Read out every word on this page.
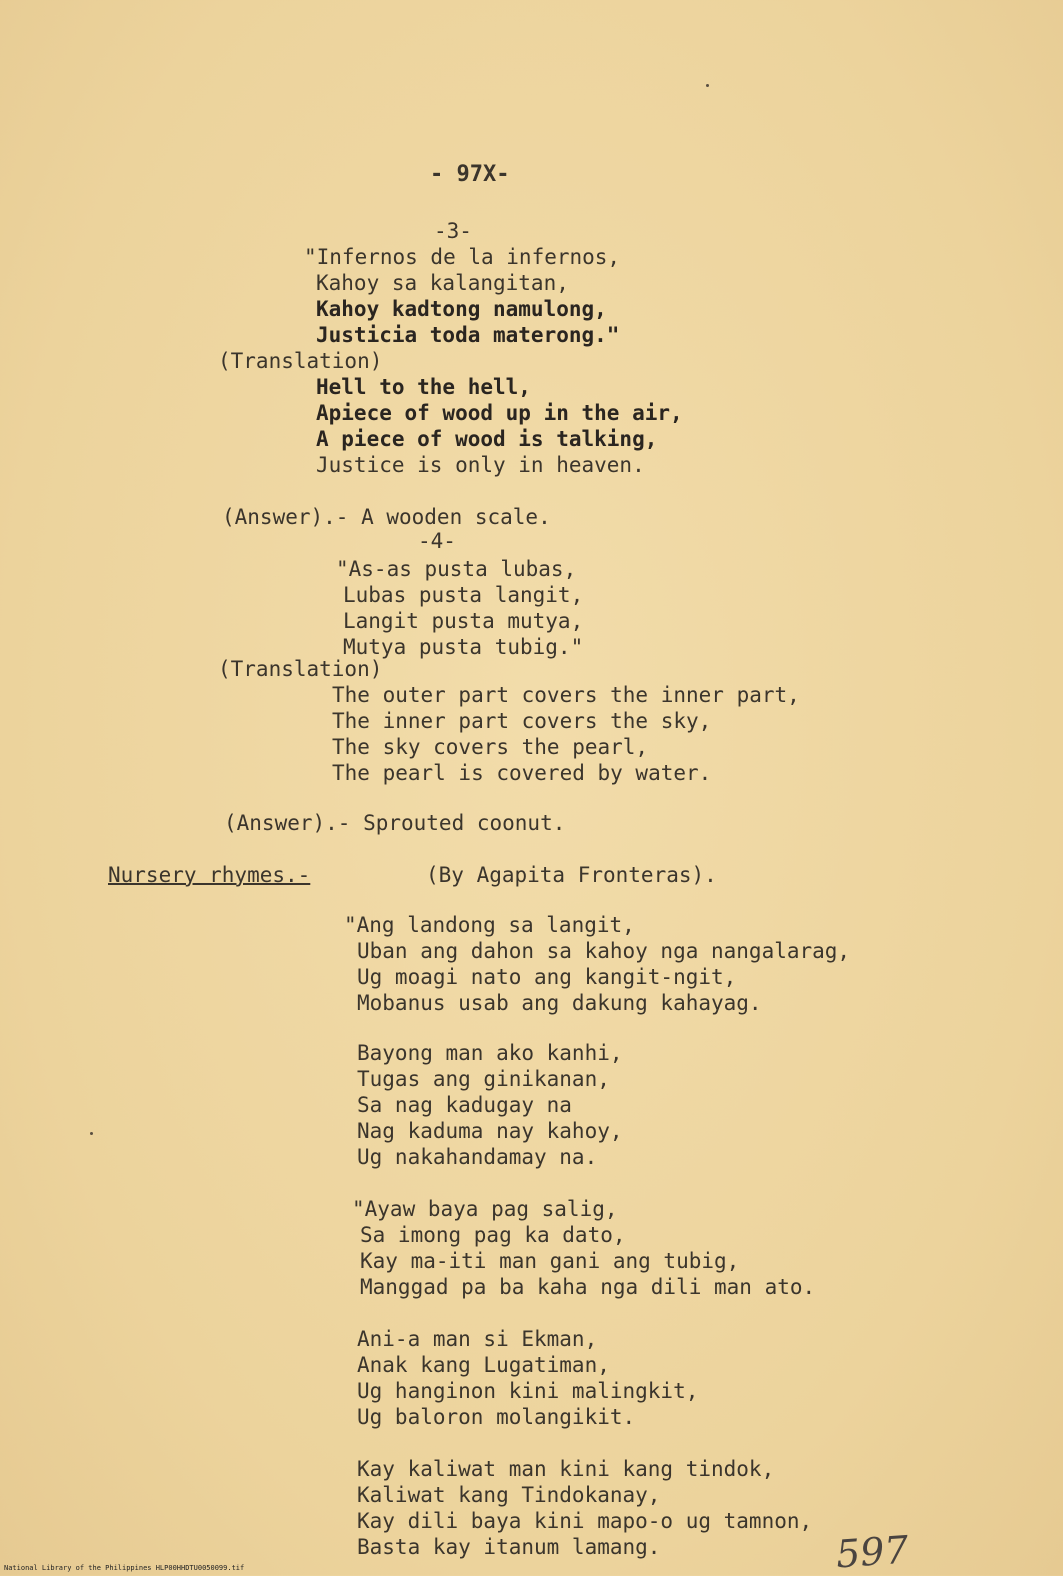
- 97X-
-3-
"Infernos de la infernos,
Kahoy sa kalangitan,
Kahoy kadtong namulong,
Justicia toda materong."
(Translation)
Hell to the hell,
Apiece of wood up in the air,
A piece of wood is talking,
Justice is only in heaven.
(Answer).- A wooden scale.
-4-
"As-as pusta lubas,
Lubas pusta langit,
Langit pusta mutya,
Mutya pusta tubig."
(Translation)
The outer part covers the inner part,
The inner part covers the sky,
The sky covers the pearl,
The pearl is covered by water.
(Answer).- Sprouted coonut.
Nursery rhymes.-	(By Agapita Fronteras).
"Ang landong sa langit,
Uban ang dahon sa kahoy nga nangalarag,
Ug moagi nato ang kangit-ngit,
Mobanus usab ang dakung kahayag.
Bayong man ako kanhi,
Tugas ang ginikanan,
Sa nag kadugay na
Nag kaduma nay kahoy,
Ug nakahandamay na.
"Ayaw baya pag salig,
Sa imong pag ka dato,
Kay ma-iti man gani ang tubig,
Manggad pa ba kaha nga dili man ato.
Ani-a man si Ekman,
Anak kang Lugatiman,
Ug hanginon kini malingkit,
Ug baloron molangikit.
Kay kaliwat man kini kang tindok,
Kaliwat kang Tindokanay,
Kay dili baya kini mapo-o ug tamnon,
Basta kay itanum lamang.	597
National Library of the Philippines HLP00HHDTU0050099.tif
